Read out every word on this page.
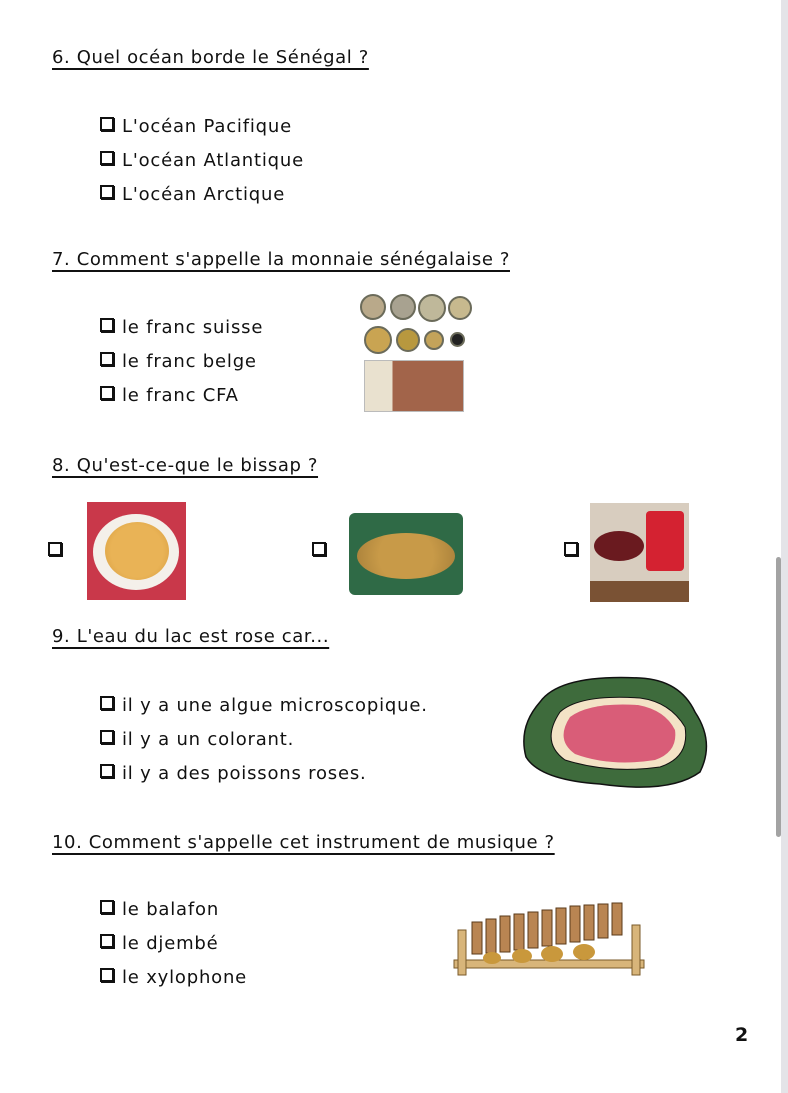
6. Quel océan borde le Sénégal ?
L'océan Pacifique
L'océan Atlantique
L'océan Arctique
7. Comment s'appelle la monnaie sénégalaise ?
le franc suisse
le franc belge
le franc CFA
8. Qu'est-ce-que le bissap ?
9. L'eau du lac est rose car...
il y a une algue microscopique.
il y a un colorant.
il y a des poissons roses.
10. Comment s'appelle cet instrument de musique ?
le balafon
le djembé
le xylophone
2
